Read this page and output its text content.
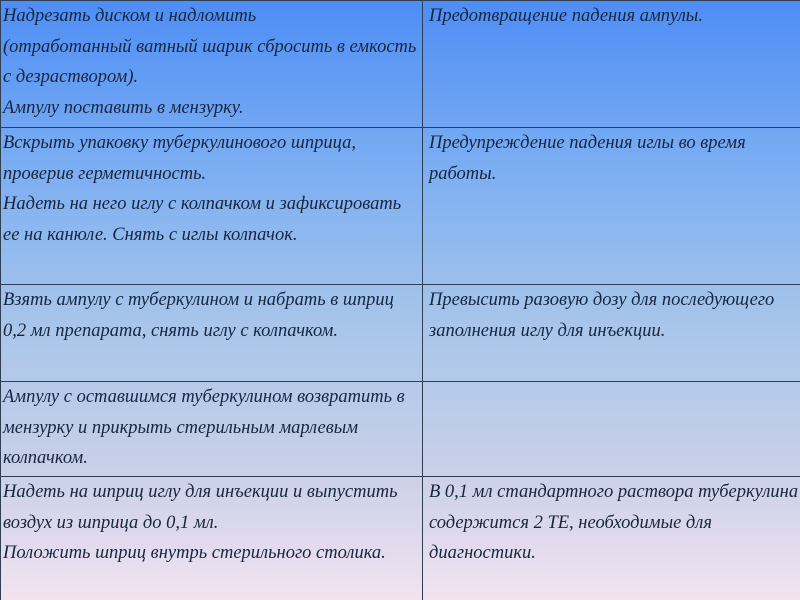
Надрезать диском и надломить
(отработанный ватный шарик сбросить в емкость с дезраствором).
Ампулу поставить в мензурку.	Предотвращение падения ампулы.

Вскрыть упаковку туберкулинового шприца, проверив герметичность.
Надеть на него иглу с колпачком и зафиксировать ее на канюле. Снять с иглы колпачок.	Предупреждение падения иглы во время работы.

Взять ампулу с туберкулином и набрать в шприц 0,2 мл препарата, снять иглу с колпачком.	Превысить разовую дозу для последующего заполнения иглу для инъекции.

Ампулу с оставшимся туберкулином возвратить в мензурку и прикрыть стерильным марлевым колпачком.	

Надеть на шприц иглу для инъекции и выпустить воздух из шприца до 0,1 мл.
Положить шприц внутрь стерильного столика.	В 0,1 мл стандартного раствора туберкулина содержится 2 ТЕ, необходимые для диагностики.
